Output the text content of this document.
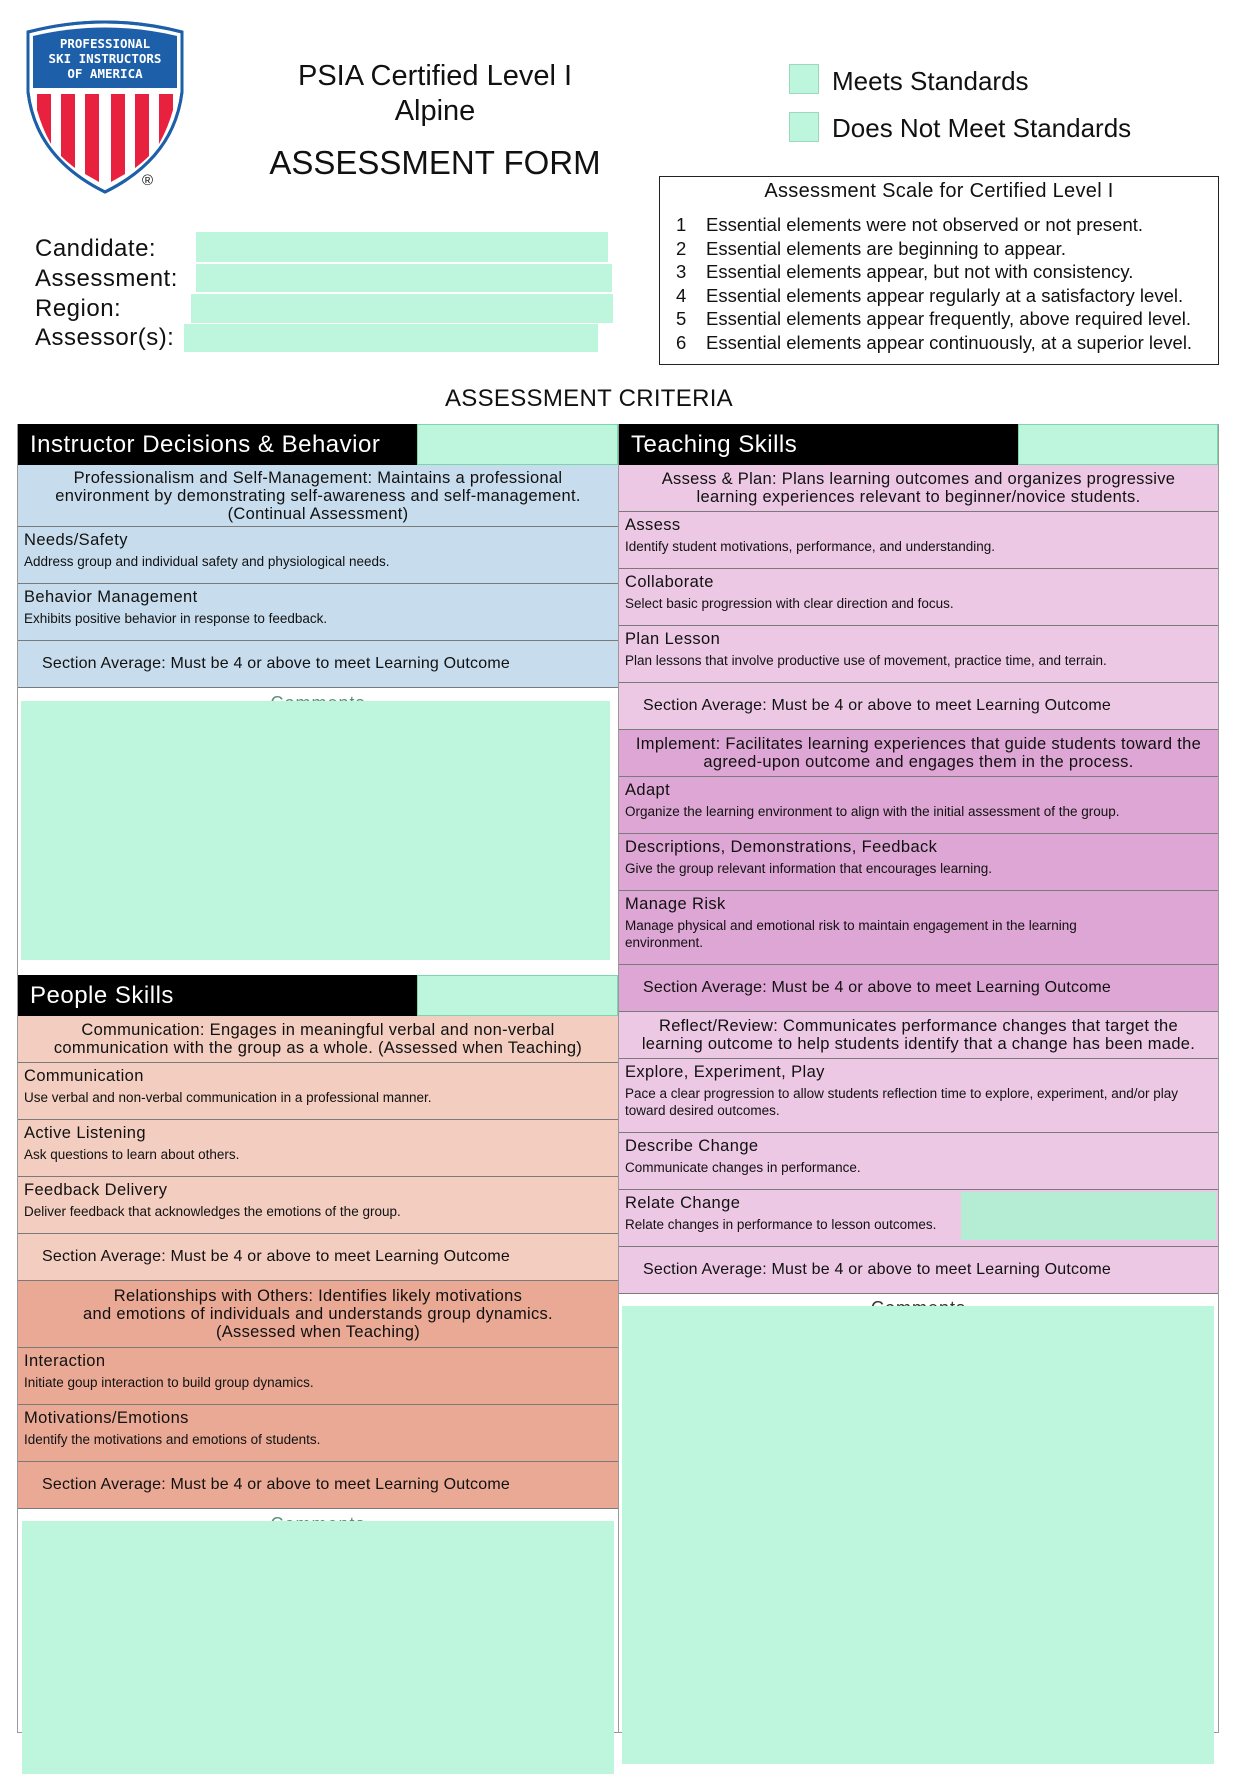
PROFESSIONAL
SKI INSTRUCTORS
OF AMERICA
®
PSIA Certified Level I
Alpine
ASSESSMENT FORM
Meets Standards
Does Not Meet Standards
Candidate:
Assessment:
Region:
Assessor(s):
Assessment Scale for Certified Level I
1	Essential elements were not observed or not present.
2	Essential elements are beginning to appear.
3	Essential elements appear, but not with consistency.
4	Essential elements appear regularly at a satisfactory level.
5	Essential elements appear frequently, above required level.
6	Essential elements appear continuously, at a superior level.
ASSESSMENT CRITERIA
Instructor Decisions & Behavior
Professionalism and Self-Management: Maintains a professional environment by demonstrating self-awareness and self-management. (Continual Assessment)
Needs/Safety
Address group and individual safety and physiological needs.
Behavior Management
Exhibits positive behavior in response to feedback.
Section Average: Must be 4 or above to meet Learning Outcome
People Skills
Communication: Engages in meaningful verbal and non-verbal communication with the group as a whole. (Assessed when Teaching)
Communication
Use verbal and non-verbal communication in a professional manner.
Active Listening
Ask questions to learn about others.
Feedback Delivery
Deliver feedback that acknowledges the emotions of the group.
Section Average: Must be 4 or above to meet Learning Outcome
Relationships with Others: Identifies likely motivations
and emotions of individuals and understands group dynamics.
(Assessed when Teaching)
Interaction
Initiate goup interaction to build group dynamics.
Motivations/Emotions
Identify the motivations and emotions of students.
Section Average: Must be 4 or above to meet Learning Outcome
Teaching Skills
Assess & Plan: Plans learning outcomes and organizes progressive learning experiences relevant to beginner/novice students.
Assess
Identify student motivations, performance, and understanding.
Collaborate
Select basic progression with clear direction and focus.
Plan Lesson
Plan lessons that involve productive use of movement, practice time, and terrain.
Section Average: Must be 4 or above to meet Learning Outcome
Implement: Facilitates learning experiences that guide students toward the agreed-upon outcome and engages them in the process.
Adapt
Organize the learning environment to align with the initial assessment of the group.
Descriptions, Demonstrations, Feedback
Give the group relevant information that encourages learning.
Manage Risk
Manage physical and emotional risk to maintain engagement in the learning environment.
Section Average: Must be 4 or above to meet Learning Outcome
Reflect/Review: Communicates performance changes that target the learning outcome to help students identify that a change has been made.
Explore, Experiment, Play
Pace a clear progression to allow students reflection time to explore, experiment, and/or play toward desired outcomes.
Describe Change
Communicate changes in performance.
Relate Change
Relate changes in performance to lesson outcomes.
Section Average: Must be 4 or above to meet Learning Outcome
